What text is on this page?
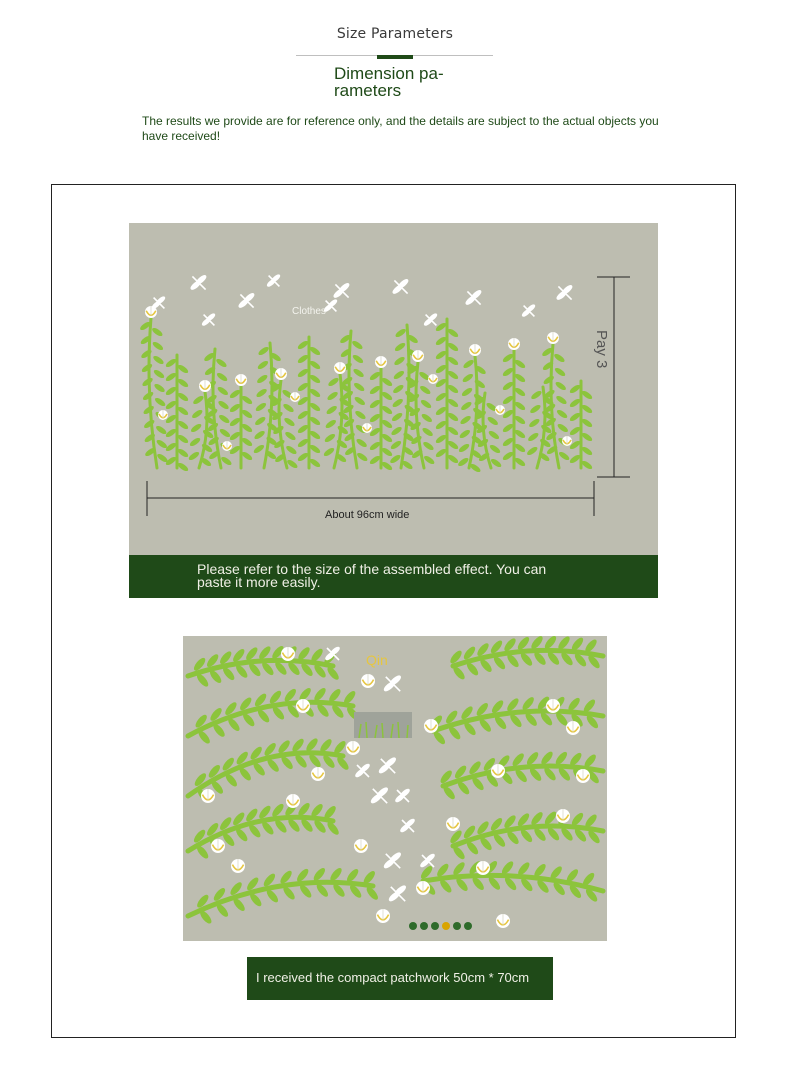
Size Parameters
Dimension pa- rameters
The results we provide are for reference only, and the details are subject to the actual objects you have received!
Clothes
Pay 3
About 96cm wide
Please refer to the size of the assembled effect. You can paste it more easily.
Qin
I received the compact patchwork 50cm * 70cm
